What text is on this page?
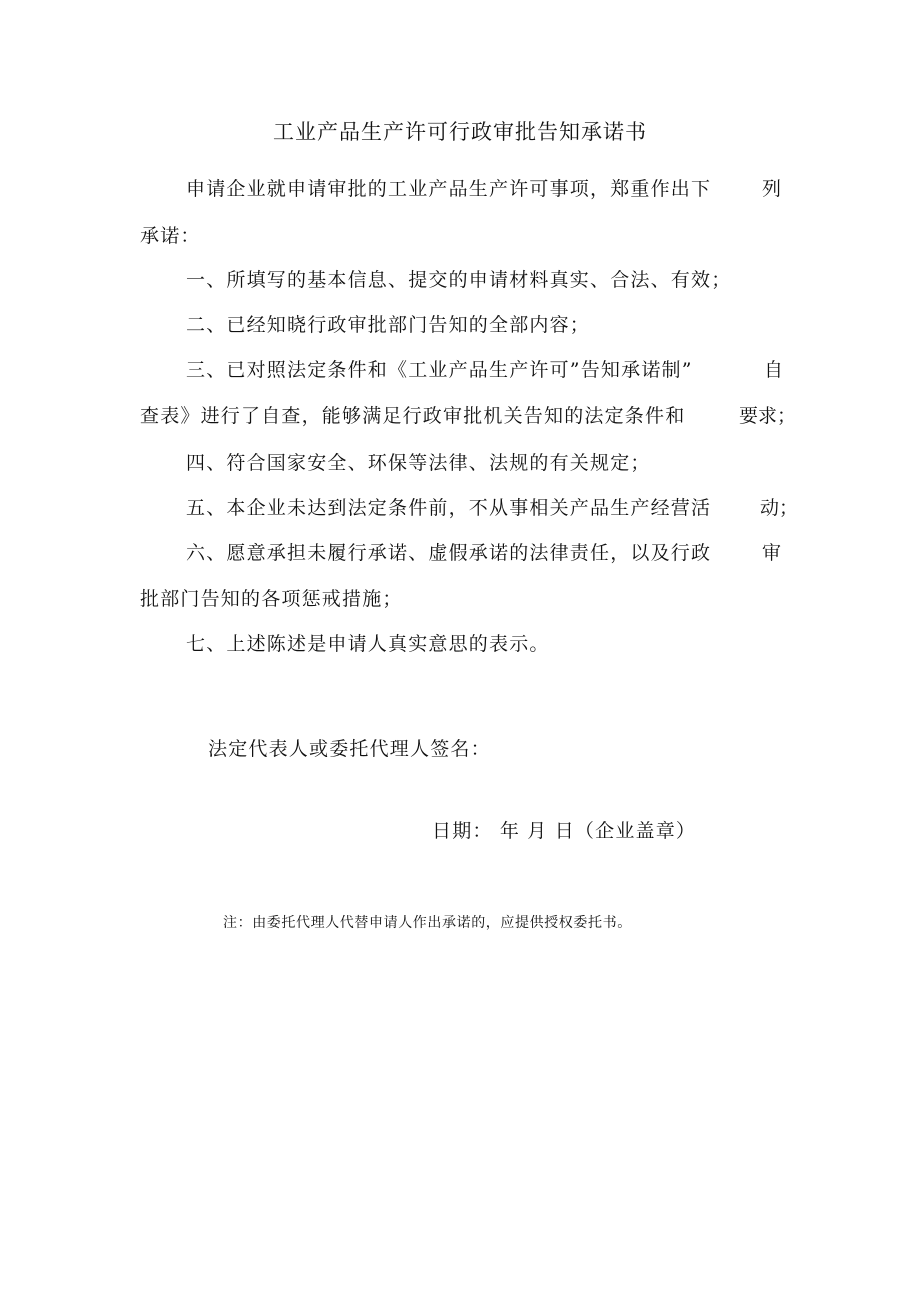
工业产品生产许可行政审批告知承诺书
申请企业就申请审批的工业产品生产许可事项，郑重作出下	列
承诺：
一、所填写的基本信息、提交的申请材料真实、合法、有效；
二、已经知晓行政审批部门告知的全部内容；
三、已对照法定条件和《工业产品生产许可”告知承诺制”	自
查表》进行了自查，能够满足行政审批机关告知的法定条件和	要求；
四、符合国家安全、环保等法律、法规的有关规定；
五、本企业未达到法定条件前，不从事相关产品生产经营活	动；
六、愿意承担未履行承诺、虚假承诺的法律责任，以及行政	审
批部门告知的各项惩戒措施；
七、上述陈述是申请人真实意思的表示。
法定代表人或委托代理人签名：
日期： 年 月 日（企业盖章）
注：由委托代理人代替申请人作出承诺的，应提供授权委托书。
